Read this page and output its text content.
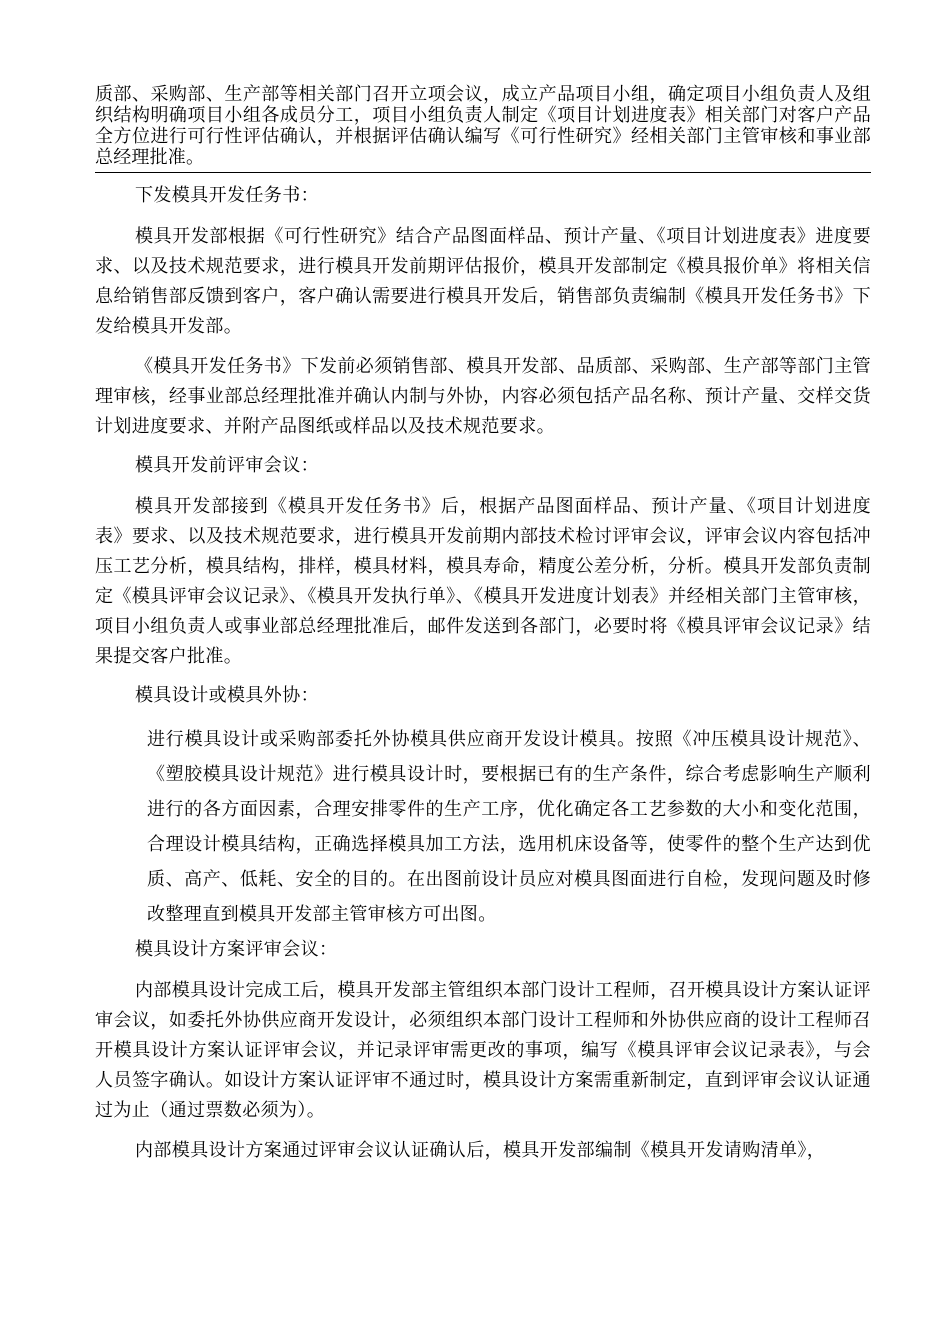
质部、采购部、生产部等相关部门召开立项会议，成立产品项目小组，确定项目小组负责人及组织结构明确项目小组各成员分工，项目小组负责人制定《项目计划进度表》相关部门对客户产品全方位进行可行性评估确认，并根据评估确认编写《可行性研究》经相关部门主管审核和事业部总经理批准。
下发模具开发任务书：

模具开发部根据《可行性研究》结合产品图面样品、预计产量、《项目计划进度表》进度要求、以及技术规范要求，进行模具开发前期评估报价，模具开发部制定《模具报价单》将相关信息给销售部反馈到客户，客户确认需要进行模具开发后，销售部负责编制《模具开发任务书》下发给模具开发部。

《模具开发任务书》下发前必须销售部、模具开发部、品质部、采购部、生产部等部门主管理审核，经事业部总经理批准并确认内制与外协，内容必须包括产品名称、预计产量、交样交货计划进度要求、并附产品图纸或样品以及技术规范要求。

模具开发前评审会议：

模具开发部接到《模具开发任务书》后，根据产品图面样品、预计产量、《项目计划进度表》要求、以及技术规范要求，进行模具开发前期内部技术检讨评审会议，评审会议内容包括冲压工艺分析，模具结构，排样，模具材料，模具寿命，精度公差分析，分析。模具开发部负责制定《模具评审会议记录》、《模具开发执行单》、《模具开发进度计划表》并经相关部门主管审核，项目小组负责人或事业部总经理批准后，邮件发送到各部门，必要时将《模具评审会议记录》结果提交客户批准。

模具设计或模具外协：

进行模具设计或采购部委托外协模具供应商开发设计模具。按照《冲压模具设计规范》、《塑胶模具设计规范》进行模具设计时，要根据已有的生产条件，综合考虑影响生产顺利进行的各方面因素，合理安排零件的生产工序，优化确定各工艺参数的大小和变化范围，合理设计模具结构，正确选择模具加工方法，选用机床设备等，使零件的整个生产达到优质、高产、低耗、安全的目的。在出图前设计员应对模具图面进行自检，发现问题及时修改整理直到模具开发部主管审核方可出图。

模具设计方案评审会议：

内部模具设计完成工后，模具开发部主管组织本部门设计工程师，召开模具设计方案认证评审会议，如委托外协供应商开发设计，必须组织本部门设计工程师和外协供应商的设计工程师召开模具设计方案认证评审会议，并记录评审需更改的事项，编写《模具评审会议记录表》，与会人员签字确认。如设计方案认证评审不通过时，模具设计方案需重新制定，直到评审会议认证通过为止（通过票数必须为）。

内部模具设计方案通过评审会议认证确认后，模具开发部编制《模具开发请购清单》，
